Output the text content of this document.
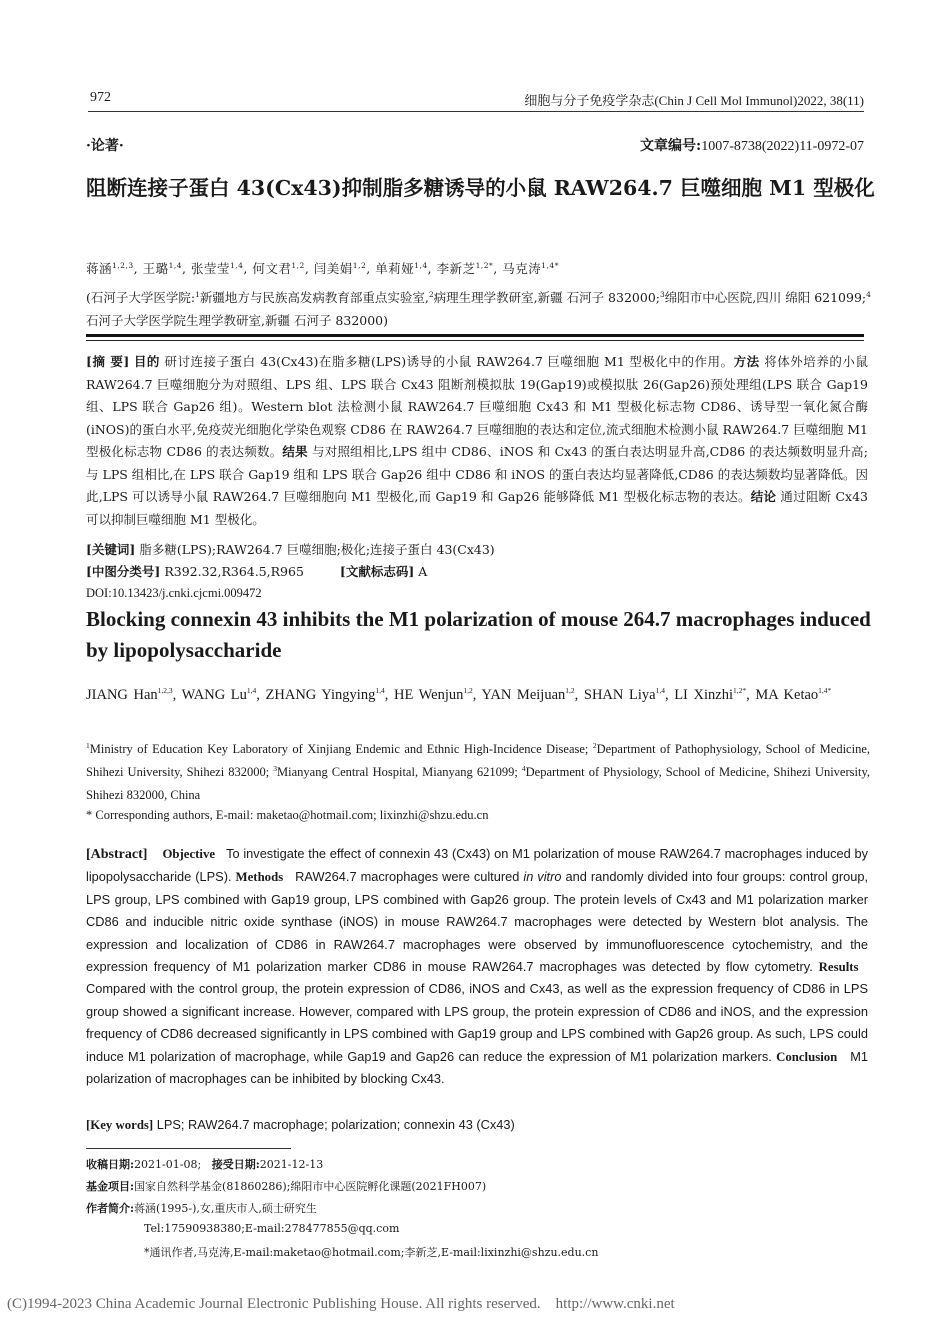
972	细胞与分子免疫学杂志(Chin J Cell Mol Immunol)2022, 38(11)
·论著·	文章编号:1007-8738(2022)11-0972-07
阻断连接子蛋白 43(Cx43)抑制脂多糖诱导的小鼠 RAW264.7 巨噬细胞 M1 型极化
蒋涵$^{1,2,3}$, 王璐$^{1,4}$, 张莹莹$^{1,4}$, 何文君$^{1,2}$, 闫美娟$^{1,2}$, 单莉娅$^{1,4}$, 李新芝$^{1,2*}$, 马克涛$^{1,4*}$
(石河子大学医学院:$^1$新疆地方与民族高发病教育部重点实验室,$^2$病理生理学教研室,新疆 石河子 832000;$^3$绵阳市中心医院,四川 绵阳 621099;$^4$石河子大学医学院生理学教研室,新疆 石河子 832000)
[摘 要] 目的 研讨连接子蛋白 43(Cx43)在脂多糖(LPS)诱导的小鼠 RAW264.7 巨噬细胞 M1 型极化中的作用。方法 将体外培养的小鼠 RAW264.7 巨噬细胞分为对照组、LPS 组、LPS 联合 Cx43 阻断剂模拟肽 19(Gap19)或模拟肽 26(Gap26)预处理组(LPS 联合 Gap19 组、LPS 联合 Gap26 组)。Western blot 法检测小鼠 RAW264.7 巨噬细胞 Cx43 和 M1 型极化标志物 CD86、诱导型一氧化氮合酶(iNOS)的蛋白水平,免疫荧光细胞化学染色观察 CD86 在 RAW264.7 巨噬细胞的表达和定位,流式细胞术检测小鼠 RAW264.7 巨噬细胞 M1 型极化标志物 CD86 的表达频数。结果 与对照组相比,LPS 组中 CD86、iNOS 和 Cx43 的蛋白表达明显升高,CD86 的表达频数明显升高;与 LPS 组相比,在 LPS 联合 Gap19 组和 LPS 联合 Gap26 组中 CD86 和 iNOS 的蛋白表达均显著降低,CD86 的表达频数均显著降低。因此,LPS 可以诱导小鼠 RAW264.7 巨噬细胞向 M1 型极化,而 Gap19 和 Gap26 能够降低 M1 型极化标志物的表达。结论 通过阻断 Cx43 可以抑制巨噬细胞 M1 型极化。
[关键词] 脂多糖(LPS);RAW264.7 巨噬细胞;极化;连接子蛋白 43(Cx43)
[中图分类号] R392.32,R364.5,R965	[文献标志码] A
DOI:10.13423/j.cnki.cjcmi.009472
Blocking connexin 43 inhibits the M1 polarization of mouse 264.7 macrophages induced by lipopolysaccharide
JIANG Han$^{1,2,3}$, WANG Lu$^{1,4}$, ZHANG Yingying$^{1,4}$, HE Wenjun$^{1,2}$, YAN Meijuan$^{1,2}$, SHAN Liya$^{1,4}$, LI Xinzhi$^{1,2*}$, MA Ketao$^{1,4*}$
$^1$Ministry of Education Key Laboratory of Xinjiang Endemic and Ethnic High-Incidence Disease; $^2$Department of Pathophysiology, School of Medicine, Shihezi University, Shihezi 832000; $^3$Mianyang Central Hospital, Mianyang 621099; $^4$Department of Physiology, School of Medicine, Shihezi University, Shihezi 832000, China
* Corresponding authors, E-mail: maketao@hotmail.com; lixinzhi@shzu.edu.cn
[Abstract] Objective To investigate the effect of connexin 43 (Cx43) on M1 polarization of mouse RAW264.7 macrophages induced by lipopolysaccharide (LPS). Methods RAW264.7 macrophages were cultured in vitro and randomly divided into four groups: control group, LPS group, LPS combined with Gap19 group, LPS combined with Gap26 group. The protein levels of Cx43 and M1 polarization marker CD86 and inducible nitric oxide synthase (iNOS) in mouse RAW264.7 macrophages were detected by Western blot analysis. The expression and localization of CD86 in RAW264.7 macrophages were observed by immunofluorescence cytochemistry, and the expression frequency of M1 polarization marker CD86 in mouse RAW264.7 macrophages was detected by flow cytometry. Results   Compared with the control group, the protein expression of CD86, iNOS and Cx43, as well as the expression frequency of CD86 in LPS group showed a significant increase. However, compared with LPS group, the protein expression of CD86 and iNOS, and the expression frequency of CD86 decreased significantly in LPS combined with Gap19 group and LPS combined with Gap26 group. As such, LPS could induce M1 polarization of macrophage, while Gap19 and Gap26 can reduce the expression of M1 polarization markers. Conclusion M1 polarization of macrophages can be inhibited by blocking Cx43.
[Key words] LPS; RAW264.7 macrophage; polarization; connexin 43 (Cx43)
收稿日期:2021-01-08; 接受日期:2021-12-13
基金项目:国家自然科学基金(81860286);绵阳市中心医院孵化课题(2021FH007)
作者简介:蒋涵(1995-),女,重庆市人,硕士研究生
Tel:17590938380;E-mail:278477855@qq.com
*通讯作者,马克涛,E-mail:maketao@hotmail.com;李新芝,E-mail:lixinzhi@shzu.edu.cn
(C)1994-2023 China Academic Journal Electronic Publishing House. All rights reserved.    http://www.cnki.net
